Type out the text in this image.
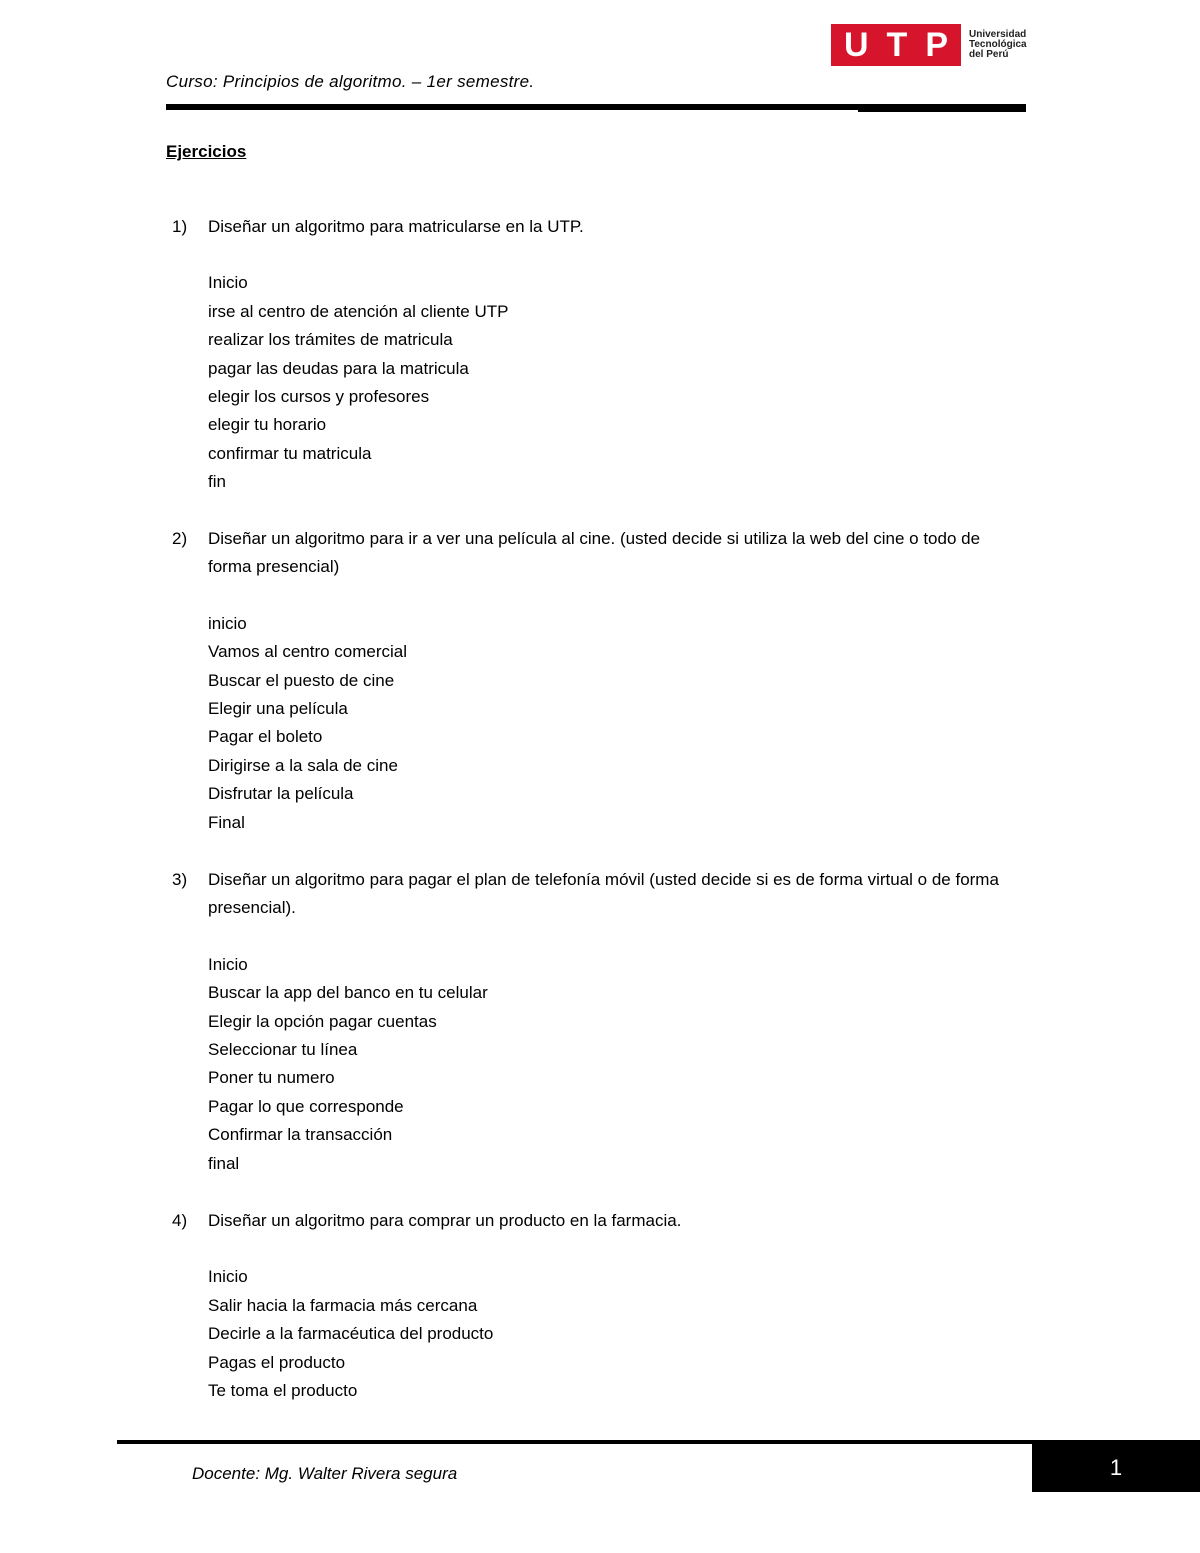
U T P Universidad
Tecnológica
del Perú
Curso: Principios de algoritmo. – 1er semestre.
Ejercicios
1)	Diseñar un algoritmo para matricularse en la UTP.
Inicio
irse al centro de atención al cliente UTP
realizar los trámites de matricula
pagar las deudas para la matricula
elegir los cursos y profesores
elegir tu horario
confirmar tu matricula
fin
2)	Diseñar un algoritmo para ir a ver una película al cine. (usted decide si utiliza la web del cine o todo de forma presencial)
inicio
Vamos al centro comercial
Buscar el puesto de cine
Elegir una película
Pagar el boleto
Dirigirse a la sala de cine
Disfrutar la película
Final
3)	Diseñar un algoritmo para pagar el plan de telefonía móvil (usted decide si es de forma virtual o de forma presencial).
Inicio
Buscar la app del banco en tu celular
Elegir la opción pagar cuentas
Seleccionar tu línea
Poner tu numero
Pagar lo que corresponde
Confirmar la transacción
final
4)	Diseñar un algoritmo para comprar un producto en la farmacia.
Inicio
Salir hacia la farmacia más cercana
Decirle a la farmacéutica del producto
Pagas el producto
Te toma el producto
Docente: Mg. Walter Rivera segura	1
